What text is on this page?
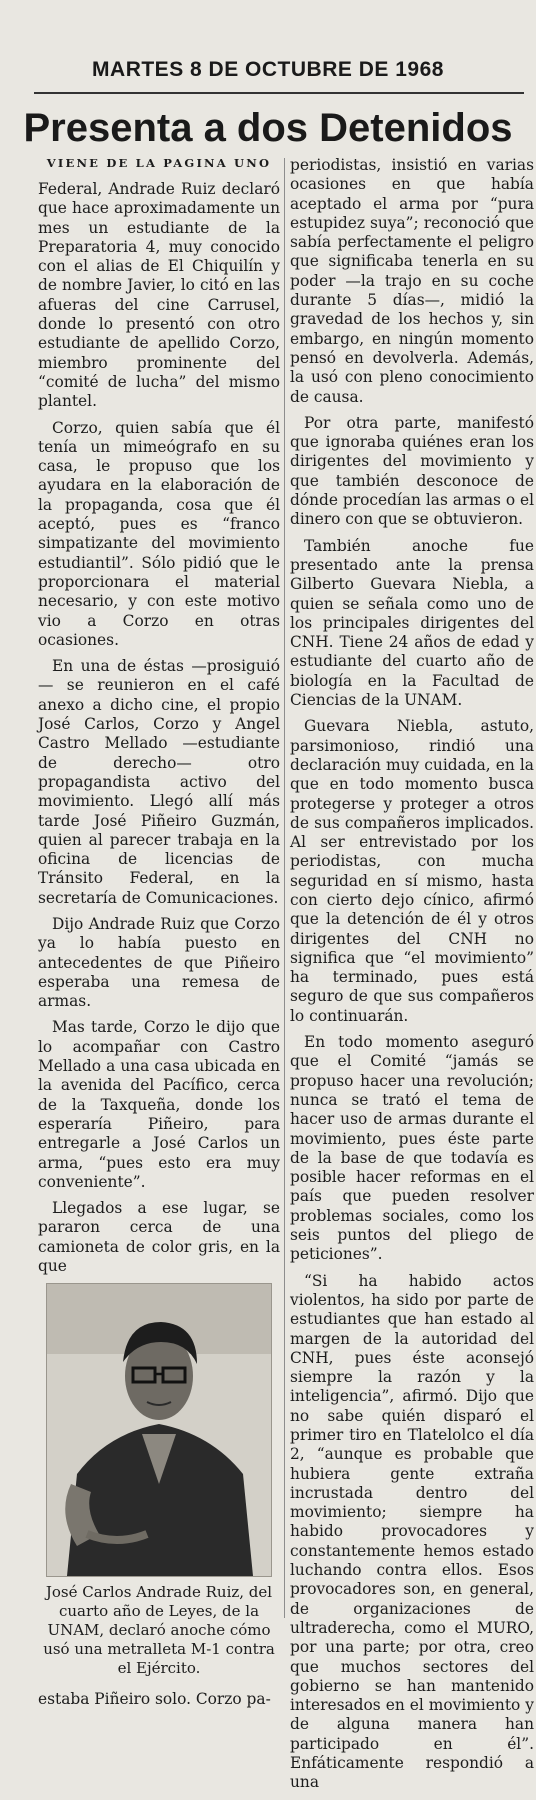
MARTES 8 DE OCTUBRE DE 1968
Presenta a dos Detenidos
VIENE DE LA PAGINA UNO

Federal, Andrade Ruiz declaró que hace aproximadamente un mes un estudiante de la Preparatoria 4, muy conocido con el alias de El Chiquilín y de nombre Javier, lo citó en las afueras del cine Carrusel, donde lo presentó con otro estudiante de apellido Corzo, miembro prominente del “comité de lucha” del mismo plantel.

Corzo, quien sabía que él tenía un mimeógrafo en su casa, le propuso que los ayudara en la elaboración de la propaganda, cosa que él aceptó, pues es “franco simpatizante del movimiento estudiantil”. Sólo pidió que le proporcionara el material necesario, y con este motivo vio a Corzo en otras ocasiones.

En una de éstas —prosiguió— se reunieron en el café anexo a dicho cine, el propio José Carlos, Corzo y Angel Castro Mellado —estudiante de derecho— otro propagandista activo del movimiento. Llegó allí más tarde José Piñeiro Guzmán, quien al parecer trabaja en la oficina de licencias de Tránsito Federal, en la secretaría de Comunicaciones.

Dijo Andrade Ruiz que Corzo ya lo había puesto en antecedentes de que Piñeiro esperaba una remesa de armas.

Mas tarde, Corzo le dijo que lo acompañar con Castro Mellado a una casa ubicada en la avenida del Pacífico, cerca de la Taxqueña, donde los esperaría Piñeiro, para entregarle a José Carlos un arma, “pues esto era muy conveniente”.

Llegados a ese lugar, se pararon cerca de una camioneta de color gris, en la que

José Carlos Andrade Ruiz, del cuarto año de Leyes, de la UNAM, declaró anoche cómo usó una metralleta M-1 contra el Ejército.

estaba Piñeiro solo. Corzo pa-

periodistas, insistió en varias ocasiones en que había aceptado el arma por “pura estupidez suya”; reconoció que sabía perfectamente el peligro que significaba tenerla en su poder —la trajo en su coche durante 5 días—, midió la gravedad de los hechos y, sin embargo, en ningún momento pensó en devolverla. Además, la usó con pleno conocimiento de causa.

Por otra parte, manifestó que ignoraba quiénes eran los dirigentes del movimiento y que también desconoce de dónde procedían las armas o el dinero con que se obtuvieron.

También anoche fue presentado ante la prensa Gilberto Guevara Niebla, a quien se señala como uno de los principales dirigentes del CNH. Tiene 24 años de edad y estudiante del cuarto año de biología en la Facultad de Ciencias de la UNAM.

Guevara Niebla, astuto, parsimonioso, rindió una declaración muy cuidada, en la que en todo momento busca protegerse y proteger a otros de sus compañeros implicados. Al ser entrevistado por los periodistas, con mucha seguridad en sí mismo, hasta con cierto dejo cínico, afirmó que la detención de él y otros dirigentes del CNH no significa que “el movimiento” ha terminado, pues está seguro de que sus compañeros lo continuarán.

En todo momento aseguró que el Comité “jamás se propuso hacer una revolución; nunca se trató el tema de hacer uso de armas durante el movimiento, pues éste parte de la base de que todavía es posible hacer reformas en el país que pueden resolver problemas sociales, como los seis puntos del pliego de peticiones”.

“Si ha habido actos violentos, ha sido por parte de estudiantes que han estado al margen de la autoridad del CNH, pues éste aconsejó siempre la razón y la inteligencia”, afirmó. Dijo que no sabe quién disparó el primer tiro en Tlatelolco el día 2, “aunque es probable que hubiera gente extraña incrustada dentro del movimiento; siempre ha habido provocadores y constantemente hemos estado luchando contra ellos. Esos provocadores son, en general, de organizaciones de ultraderecha, como el MURO, por una parte; por otra, creo que muchos sectores del gobierno se han mantenido interesados en el movimiento y de alguna manera han participado en él”. Enfáticamente respondió a una
